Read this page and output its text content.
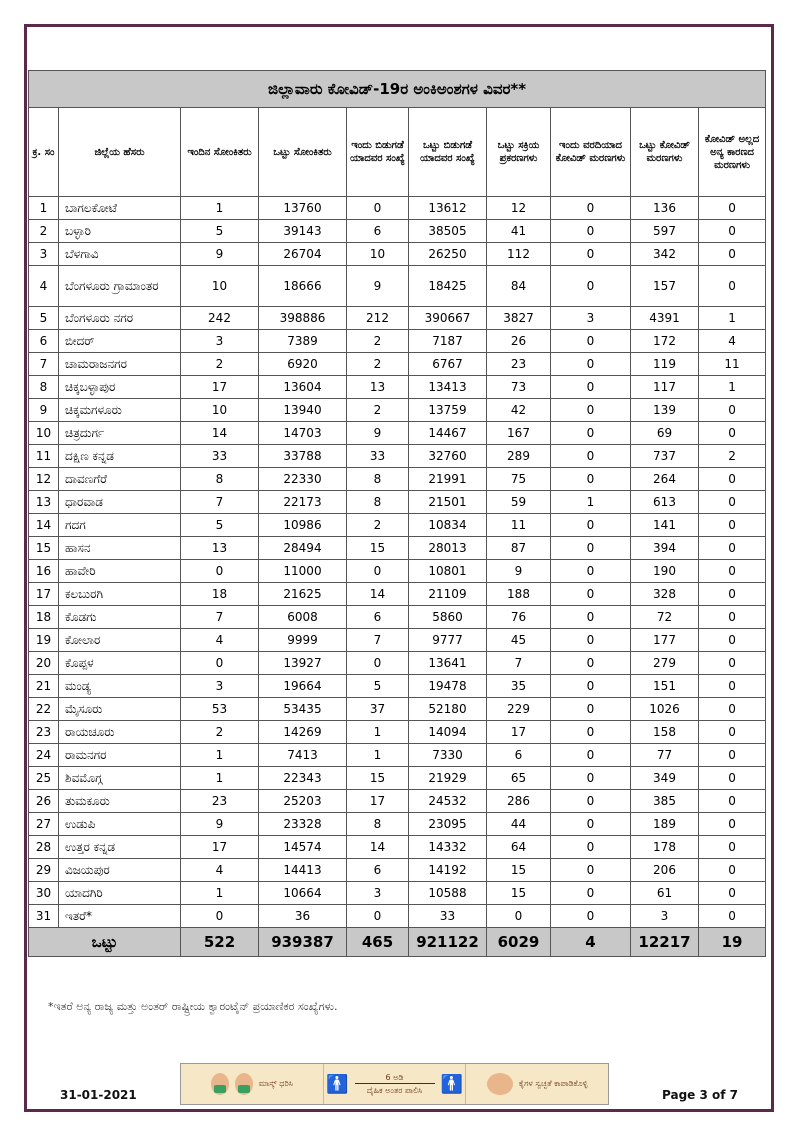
ಜಿಲ್ಲಾವಾರು ಕೋವಿಡ್-19ರ ಅಂಕಿಅಂಶಗಳ ವಿವರ**									
ಕ್ರ. ಸಂ	ಜಿಲ್ಲೆಯ ಹೆಸರು	ಇಂದಿನ ಸೋಂಕಿತರು	ಒಟ್ಟು ಸೋಂಕಿತರು	ಇಂದು ಬಿಡುಗಡೆ ಯಾದವರ ಸಂಖ್ಯೆ	ಒಟ್ಟು ಬಿಡುಗಡೆ ಯಾದವರ ಸಂಖ್ಯೆ	ಒಟ್ಟು ಸಕ್ರಿಯ ಪ್ರಕರಣಗಳು	ಇಂದು ವರದಿಯಾದ ಕೋವಿಡ್ ಮರಣಗಳು	ಒಟ್ಟು ಕೋವಿಡ್ ಮರಣಗಳು	ಕೋವಿಡ್ ಅಲ್ಲದ ಅನ್ಯ ಕಾರಣದ ಮರಣಗಳು
1	ಬಾಗಲಕೋಟೆ	1	13760	0	13612	12	0	136	0
2	ಬಳ್ಳಾರಿ	5	39143	6	38505	41	0	597	0
3	ಬೆಳಗಾವಿ	9	26704	10	26250	112	0	342	0
4	ಬೆಂಗಳೂರು ಗ್ರಾಮಾಂತರ	10	18666	9	18425	84	0	157	0
5	ಬೆಂಗಳೂರು ನಗರ	242	398886	212	390667	3827	3	4391	1
6	ಬೀದರ್	3	7389	2	7187	26	0	172	4
7	ಚಾಮರಾಜನಗರ	2	6920	2	6767	23	0	119	11
8	ಚಿಕ್ಕಬಳ್ಳಾಪುರ	17	13604	13	13413	73	0	117	1
9	ಚಿಕ್ಕಮಗಳೂರು	10	13940	2	13759	42	0	139	0
10	ಚಿತ್ರದುರ್ಗ	14	14703	9	14467	167	0	69	0
11	ದಕ್ಷಿಣ ಕನ್ನಡ	33	33788	33	32760	289	0	737	2
12	ದಾವಣಗೆರೆ	8	22330	8	21991	75	0	264	0
13	ಧಾರವಾಡ	7	22173	8	21501	59	1	613	0
14	ಗದಗ	5	10986	2	10834	11	0	141	0
15	ಹಾಸನ	13	28494	15	28013	87	0	394	0
16	ಹಾವೇರಿ	0	11000	0	10801	9	0	190	0
17	ಕಲಬುರಗಿ	18	21625	14	21109	188	0	328	0
18	ಕೊಡಗು	7	6008	6	5860	76	0	72	0
19	ಕೋಲಾರ	4	9999	7	9777	45	0	177	0
20	ಕೊಪ್ಪಳ	0	13927	0	13641	7	0	279	0
21	ಮಂಡ್ಯ	3	19664	5	19478	35	0	151	0
22	ಮೈಸೂರು	53	53435	37	52180	229	0	1026	0
23	ರಾಯಚೂರು	2	14269	1	14094	17	0	158	0
24	ರಾಮನಗರ	1	7413	1	7330	6	0	77	0
25	ಶಿವಮೊಗ್ಗ	1	22343	15	21929	65	0	349	0
26	ತುಮಕೂರು	23	25203	17	24532	286	0	385	0
27	ಉಡುಪಿ	9	23328	8	23095	44	0	189	0
28	ಉತ್ತರ ಕನ್ನಡ	17	14574	14	14332	64	0	178	0
29	ವಿಜಯಪುರ	4	14413	6	14192	15	0	206	0
30	ಯಾದಗಿರಿ	1	10664	3	10588	15	0	61	0
31	ಇತರೆ*	0	36	0	33	0	0	3	0
ಒಟ್ಟು		522	939387	465	921122	6029	4	12217	19
*ಇತರೆ ಅನ್ಯ ರಾಜ್ಯ ಮತ್ತು ಅಂತರ್ ರಾಷ್ಟ್ರೀಯ ಕ್ವಾರಂಟೈನ್ ಪ್ರಯಾಣಿಕರ ಸಂಖ್ಯೆಗಳು.
31-01-2021	Page 3 of 7
ಮಾಸ್ಕ್ ಧರಿಸಿ 🚹	6 ಅಡಿ
ದೈಹಿಕ ಅಂತರ ಪಾಲಿಸಿ	🚹	ಕೈಗಳ ಸ್ವಚ್ಛತೆ ಕಾಪಾಡಿಕೊಳ್ಳಿ
